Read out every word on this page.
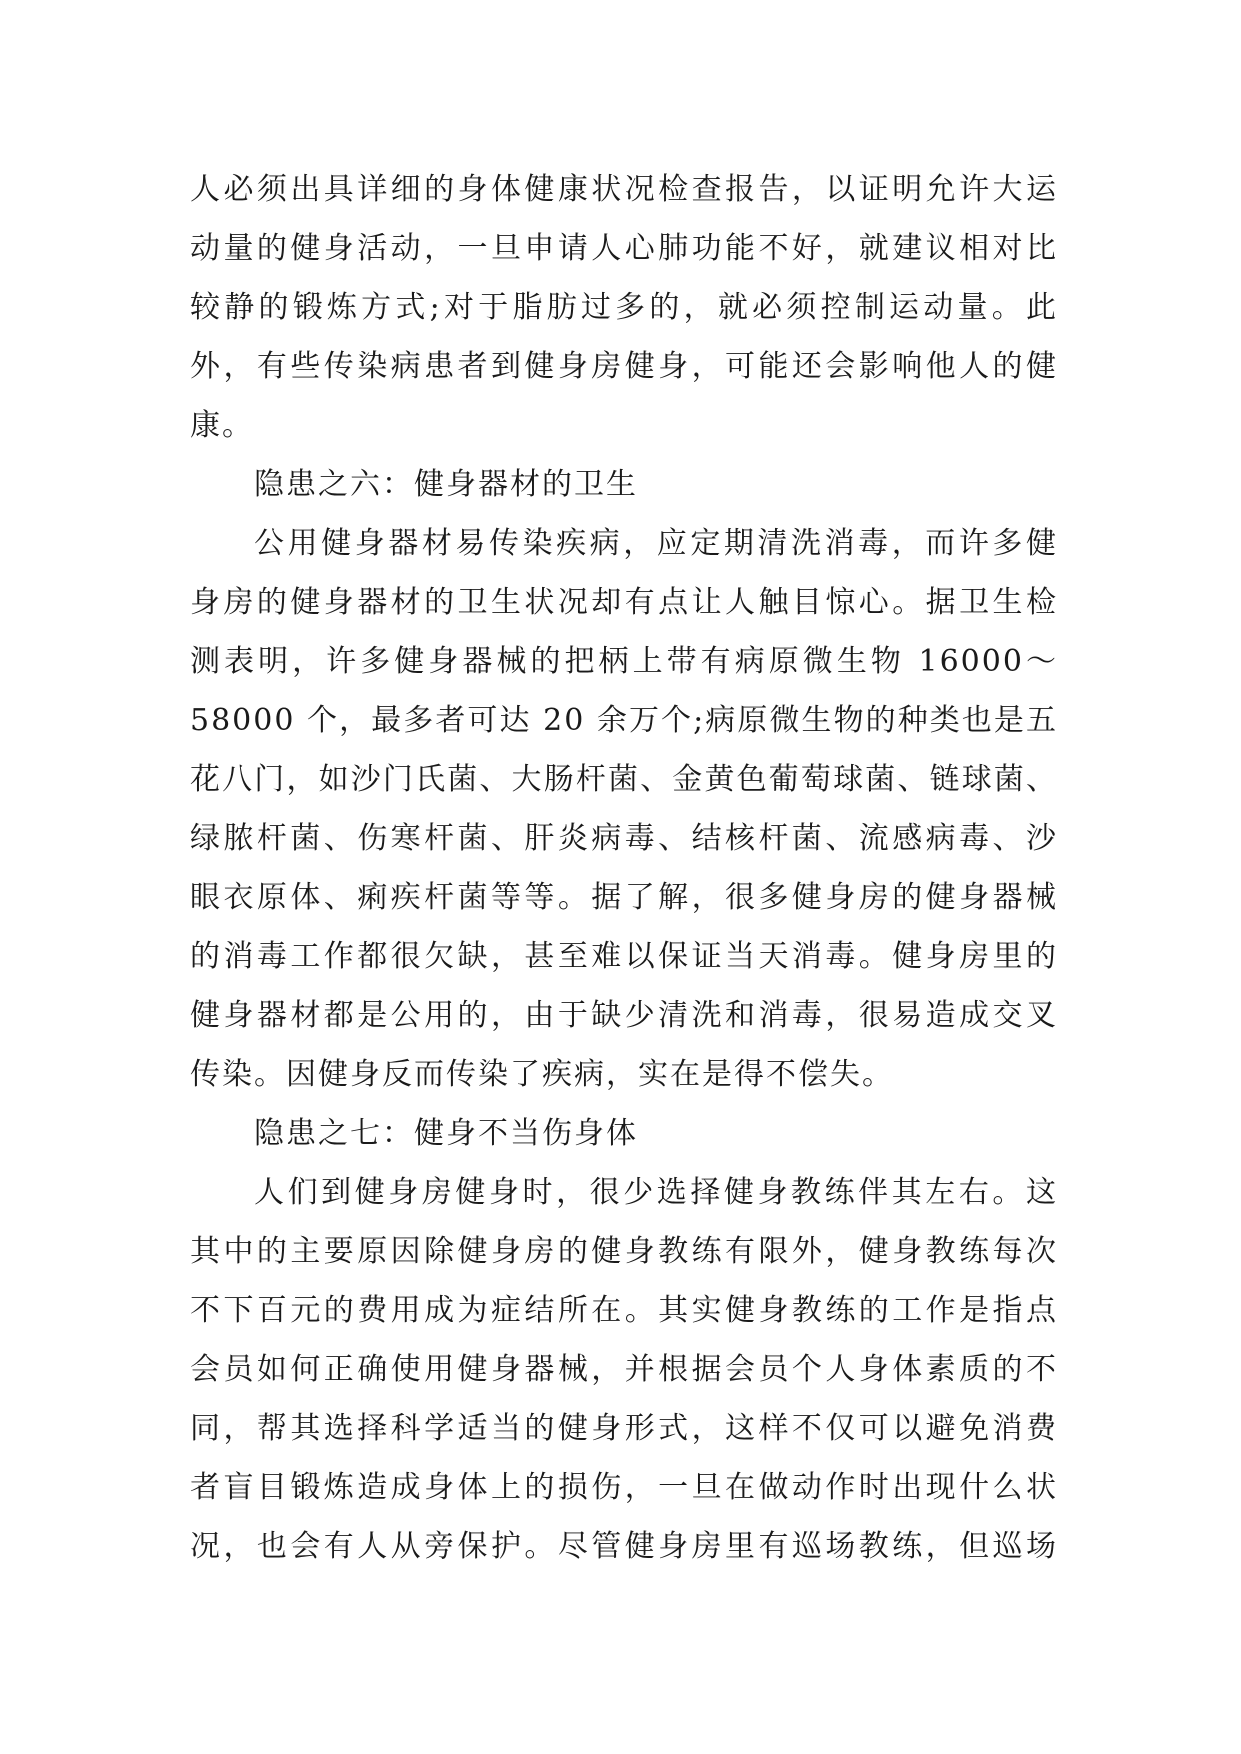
人必须出具详细的身体健康状况检查报告，以证明允许大运
动量的健身活动，一旦申请人心肺功能不好，就建议相对比
较静的锻炼方式;对于脂肪过多的，就必须控制运动量。此
外，有些传染病患者到健身房健身，可能还会影响他人的健
康。
隐患之六：健身器材的卫生
公用健身器材易传染疾病，应定期清洗消毒，而许多健
身房的健身器材的卫生状况却有点让人触目惊心。据卫生检
测表明，许多健身器械的把柄上带有病原微生物 16000～
58000 个，最多者可达 20 余万个;病原微生物的种类也是五
花八门，如沙门氏菌、大肠杆菌、金黄色葡萄球菌、链球菌、
绿脓杆菌、伤寒杆菌、肝炎病毒、结核杆菌、流感病毒、沙
眼衣原体、痢疾杆菌等等。据了解，很多健身房的健身器械
的消毒工作都很欠缺，甚至难以保证当天消毒。健身房里的
健身器材都是公用的，由于缺少清洗和消毒，很易造成交叉
传染。因健身反而传染了疾病，实在是得不偿失。
隐患之七：健身不当伤身体
人们到健身房健身时，很少选择健身教练伴其左右。这
其中的主要原因除健身房的健身教练有限外，健身教练每次
不下百元的费用成为症结所在。其实健身教练的工作是指点
会员如何正确使用健身器械，并根据会员个人身体素质的不
同，帮其选择科学适当的健身形式，这样不仅可以避免消费
者盲目锻炼造成身体上的损伤，一旦在做动作时出现什么状
况，也会有人从旁保护。尽管健身房里有巡场教练，但巡场
